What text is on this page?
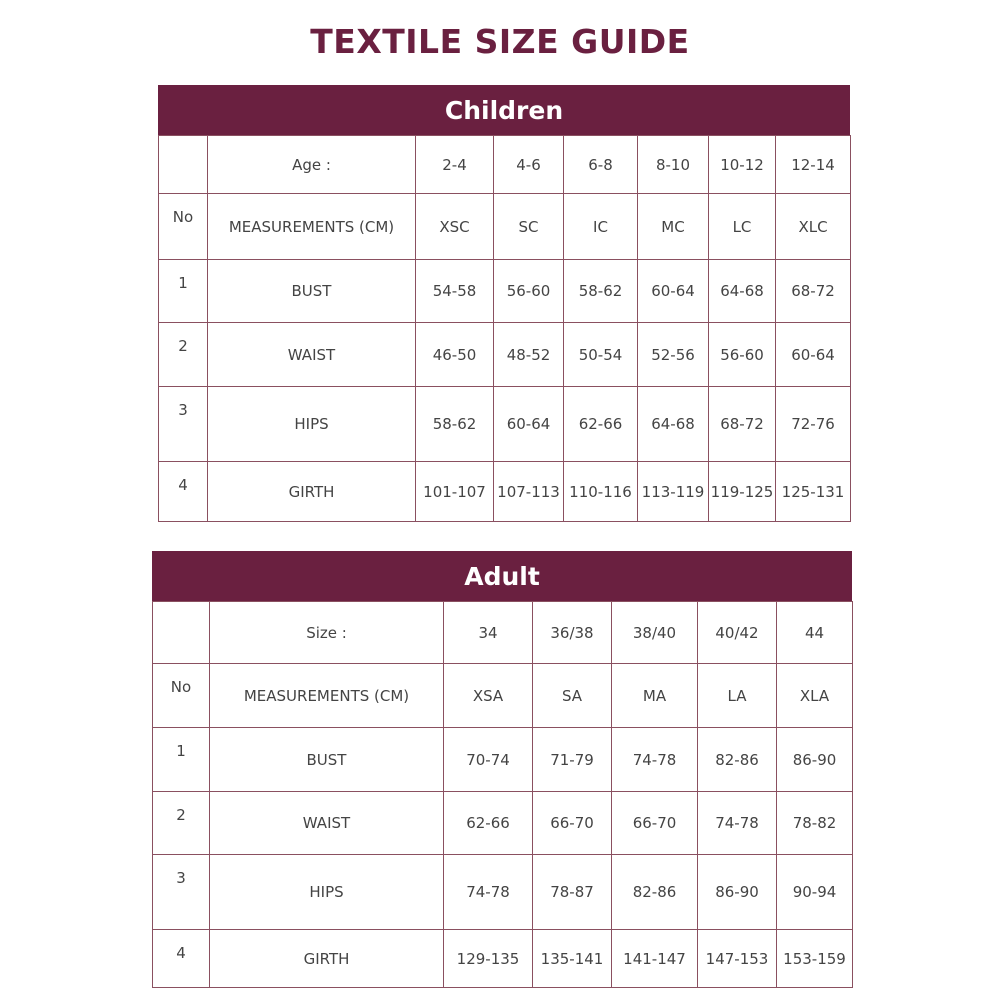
TEXTILE SIZE GUIDE
Children
	Age :	2-4	4-6	6-8	8-10	10-12	12-14
No	MEASUREMENTS (CM)	XSC	SC	IC	MC	LC	XLC
1	BUST	54-58	56-60	58-62	60-64	64-68	68-72
2	WAIST	46-50	48-52	50-54	52-56	56-60	60-64
3	HIPS	58-62	60-64	62-66	64-68	68-72	72-76
4	GIRTH	101-107	107-113	110-116	113-119	119-125	125-131
Adult
	Size :	34	36/38	38/40	40/42	44
No	MEASUREMENTS (CM)	XSA	SA	MA	LA	XLA
1	BUST	70-74	71-79	74-78	82-86	86-90
2	WAIST	62-66	66-70	66-70	74-78	78-82
3	HIPS	74-78	78-87	82-86	86-90	90-94
4	GIRTH	129-135	135-141	141-147	147-153	153-159
